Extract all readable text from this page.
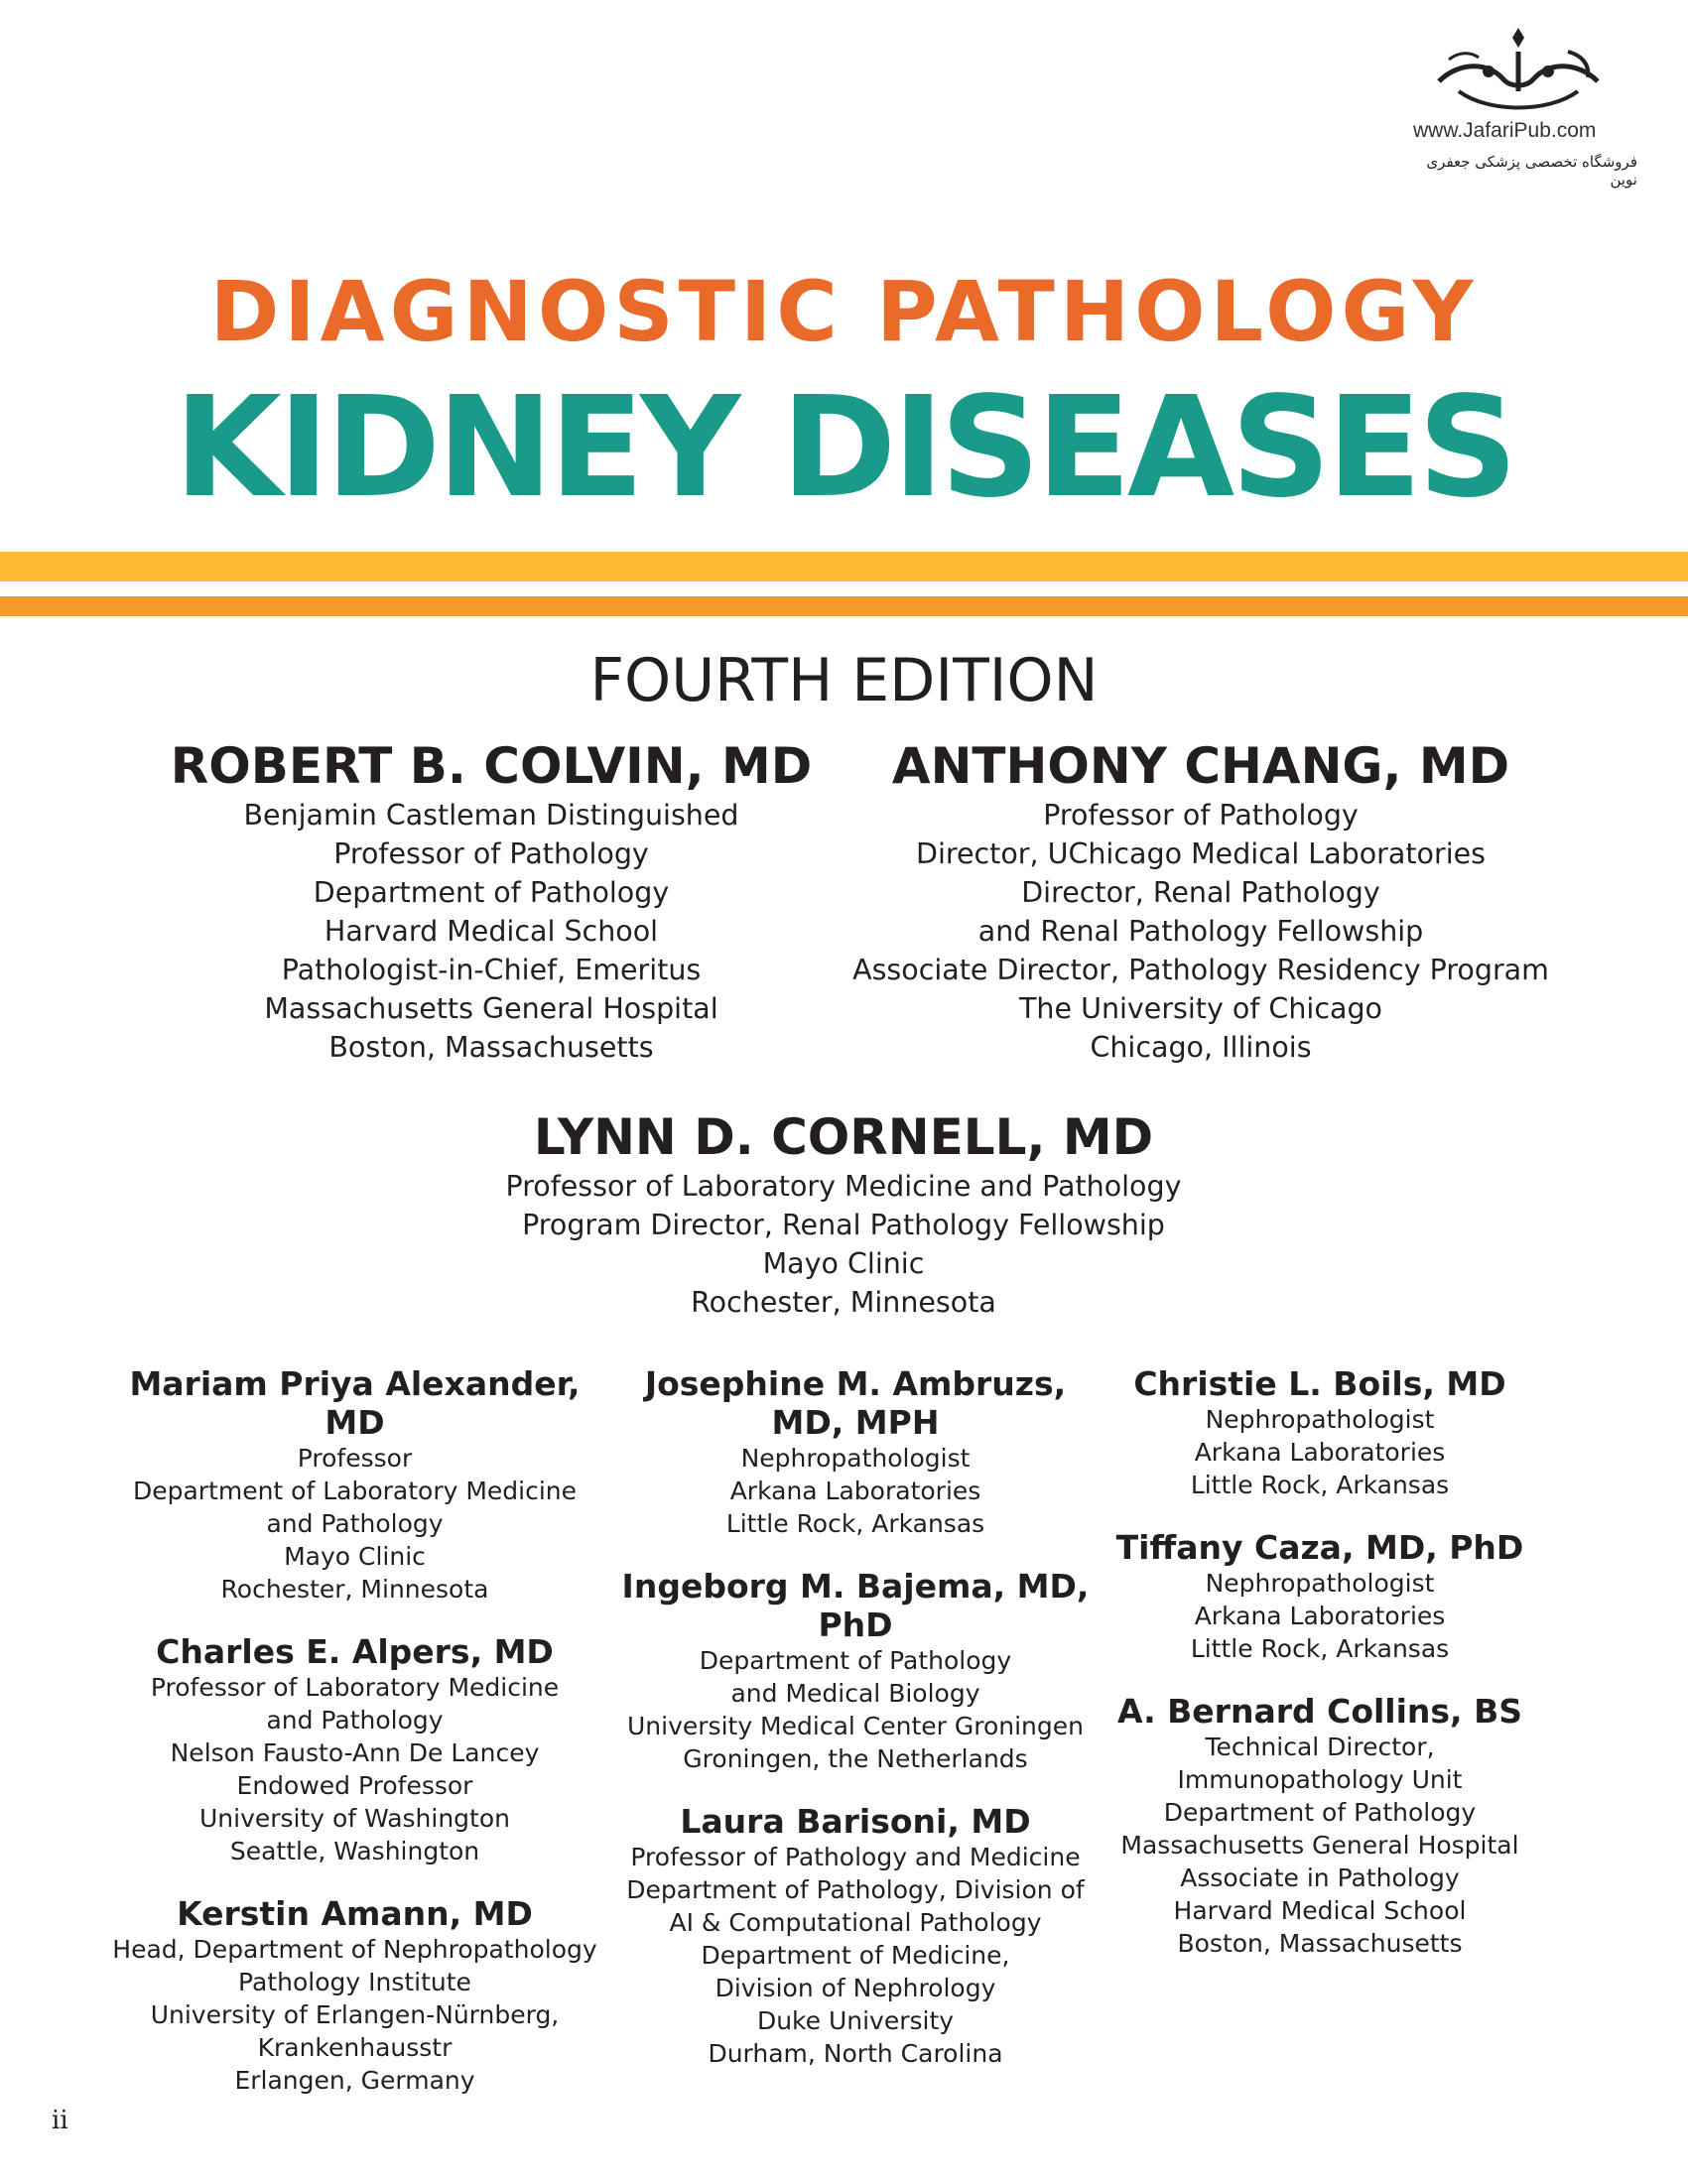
www.JafariPub.com
فروشگاه تخصصی پزشکی جعفری نوین
DIAGNOSTIC PATHOLOGY
KIDNEY DISEASES
FOURTH EDITION
ROBERT B. COLVIN, MD
Benjamin Castleman Distinguished
Professor of Pathology
Department of Pathology
Harvard Medical School
Pathologist-in-Chief, Emeritus
Massachusetts General Hospital
Boston, Massachusetts
ANTHONY CHANG, MD
Professor of Pathology
Director, UChicago Medical Laboratories
Director, Renal Pathology
and Renal Pathology Fellowship
Associate Director, Pathology Residency Program
The University of Chicago
Chicago, Illinois
LYNN D. CORNELL, MD
Professor of Laboratory Medicine and Pathology
Program Director, Renal Pathology Fellowship
Mayo Clinic
Rochester, Minnesota
Mariam Priya Alexander, MD
Professor
Department of Laboratory Medicine
and Pathology
Mayo Clinic
Rochester, Minnesota
Charles E. Alpers, MD
Professor of Laboratory Medicine
and Pathology
Nelson Fausto-Ann De Lancey
Endowed Professor
University of Washington
Seattle, Washington
Kerstin Amann, MD
Head, Department of Nephropathology
Pathology Institute
University of Erlangen-Nürnberg,
Krankenhausstr
Erlangen, Germany
Josephine M. Ambruzs,
MD, MPH
Nephropathologist
Arkana Laboratories
Little Rock, Arkansas
Ingeborg M. Bajema, MD,
PhD
Department of Pathology
and Medical Biology
University Medical Center Groningen
Groningen, the Netherlands
Laura Barisoni, MD
Professor of Pathology and Medicine
Department of Pathology, Division of
AI & Computational Pathology
Department of Medicine,
Division of Nephrology
Duke University
Durham, North Carolina
Christie L. Boils, MD
Nephropathologist
Arkana Laboratories
Little Rock, Arkansas
Tiffany Caza, MD, PhD
Nephropathologist
Arkana Laboratories
Little Rock, Arkansas
A. Bernard Collins, BS
Technical Director,
Immunopathology Unit
Department of Pathology
Massachusetts General Hospital
Associate in Pathology
Harvard Medical School
Boston, Massachusetts
ii
